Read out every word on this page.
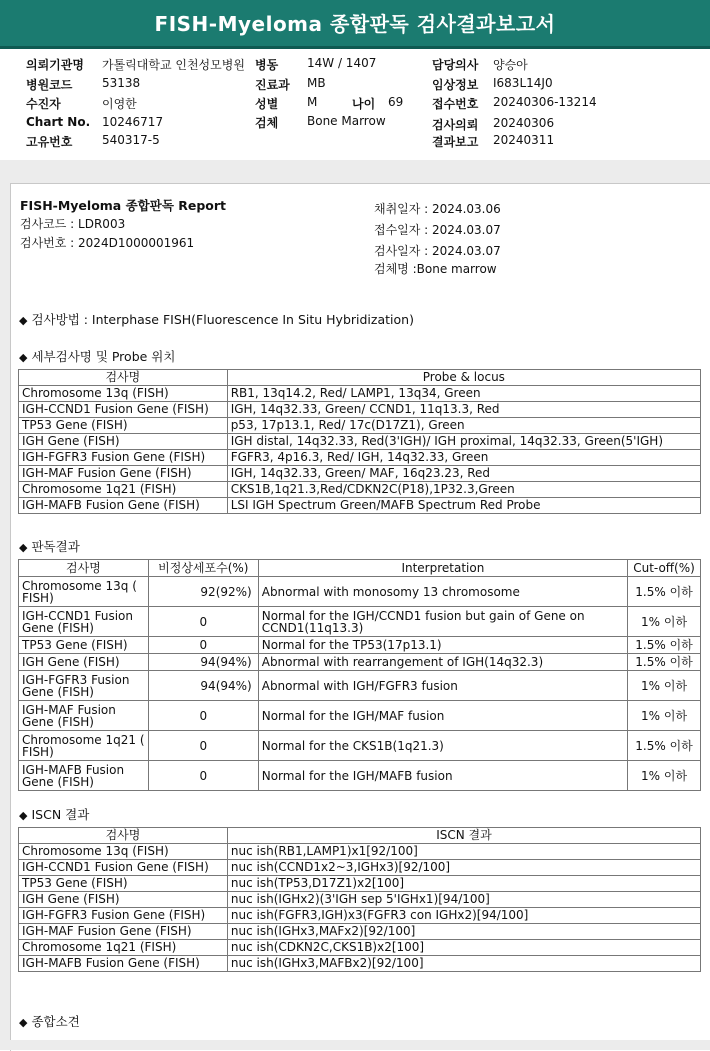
FISH-Myeloma 종합판독 검사결과보고서
의뢰기관명 가톨릭대학교 인천성모병원
병원코드 53138
수진자	이영한
Chart No. 10246717
고유번호 540317-5
병동 14W / 1407
진료과 MB
성별 M	나이 69
검체 Bone Marrow
담당의사 양승아
임상정보 I683L14J0
접수번호 20240306-13214
검사의뢰 20240306
결과보고 20240311
FISH-Myeloma 종합판독 Report
검사코드 : LDR003
검사번호 : 2024D1000001961
채취일자 : 2024.03.06
접수일자 : 2024.03.07
검사일자 : 2024.03.07
검체명 :Bone marrow
◆ 검사방법 : Interphase FISH(Fluorescence In Situ Hybridization)
◆ 세부검사명 및 Probe 위치
검사명	Probe & locus
Chromosome 13q (FISH)	RB1, 13q14.2, Red/ LAMP1, 13q34, Green
IGH-CCND1 Fusion Gene (FISH)	IGH, 14q32.33, Green/ CCND1, 11q13.3, Red
TP53 Gene (FISH)	p53, 17p13.1, Red/ 17c(D17Z1), Green
IGH Gene (FISH)	IGH distal, 14q32.33, Red(3'IGH)/ IGH proximal, 14q32.33, Green(5'IGH)
IGH-FGFR3 Fusion Gene (FISH)	FGFR3, 4p16.3, Red/ IGH, 14q32.33, Green
IGH-MAF Fusion Gene (FISH)	IGH, 14q32.33, Green/ MAF, 16q23.23, Red
Chromosome 1q21 (FISH)	CKS1B,1q21.3,Red/CDKN2C(P18),1P32.3,Green
IGH-MAFB Fusion Gene (FISH)	LSI IGH Spectrum Green/MAFB Spectrum Red Probe
◆ 판독결과
검사명	비정상세포수(%)	Interpretation	Cut-off(%)
Chromosome 13q ( FISH)	92(92%)	Abnormal with monosomy 13 chromosome	1.5% 이하
IGH-CCND1 Fusion Gene (FISH)	0	Normal for the IGH/CCND1 fusion but gain of Gene on CCND1(11q13.3)	1% 이하
TP53 Gene (FISH)	0	Normal for the TP53(17p13.1)	1.5% 이하
IGH Gene (FISH)	94(94%)	Abnormal with rearrangement of IGH(14q32.3)	1.5% 이하
IGH-FGFR3 Fusion Gene (FISH)	94(94%)	Abnormal with IGH/FGFR3 fusion	1% 이하
IGH-MAF Fusion Gene (FISH)	0	Normal for the IGH/MAF fusion	1% 이하
Chromosome 1q21 ( FISH)	0	Normal for the CKS1B(1q21.3)	1.5% 이하
IGH-MAFB Fusion Gene (FISH)	0	Normal for the IGH/MAFB fusion	1% 이하
◆ ISCN 결과
검사명	ISCN 결과
Chromosome 13q (FISH)	nuc ish(RB1,LAMP1)x1[92/100]
IGH-CCND1 Fusion Gene (FISH)	nuc ish(CCND1x2~3,IGHx3)[92/100]
TP53 Gene (FISH)	nuc ish(TP53,D17Z1)x2[100]
IGH Gene (FISH)	nuc ish(IGHx2)(3'IGH sep 5'IGHx1)[94/100]
IGH-FGFR3 Fusion Gene (FISH)	nuc ish(FGFR3,IGH)x3(FGFR3 con IGHx2)[94/100]
IGH-MAF Fusion Gene (FISH)	nuc ish(IGHx3,MAFx2)[92/100]
Chromosome 1q21 (FISH)	nuc ish(CDKN2C,CKS1B)x2[100]
IGH-MAFB Fusion Gene (FISH)	nuc ish(IGHx3,MAFBx2)[92/100]
◆ 종합소견
